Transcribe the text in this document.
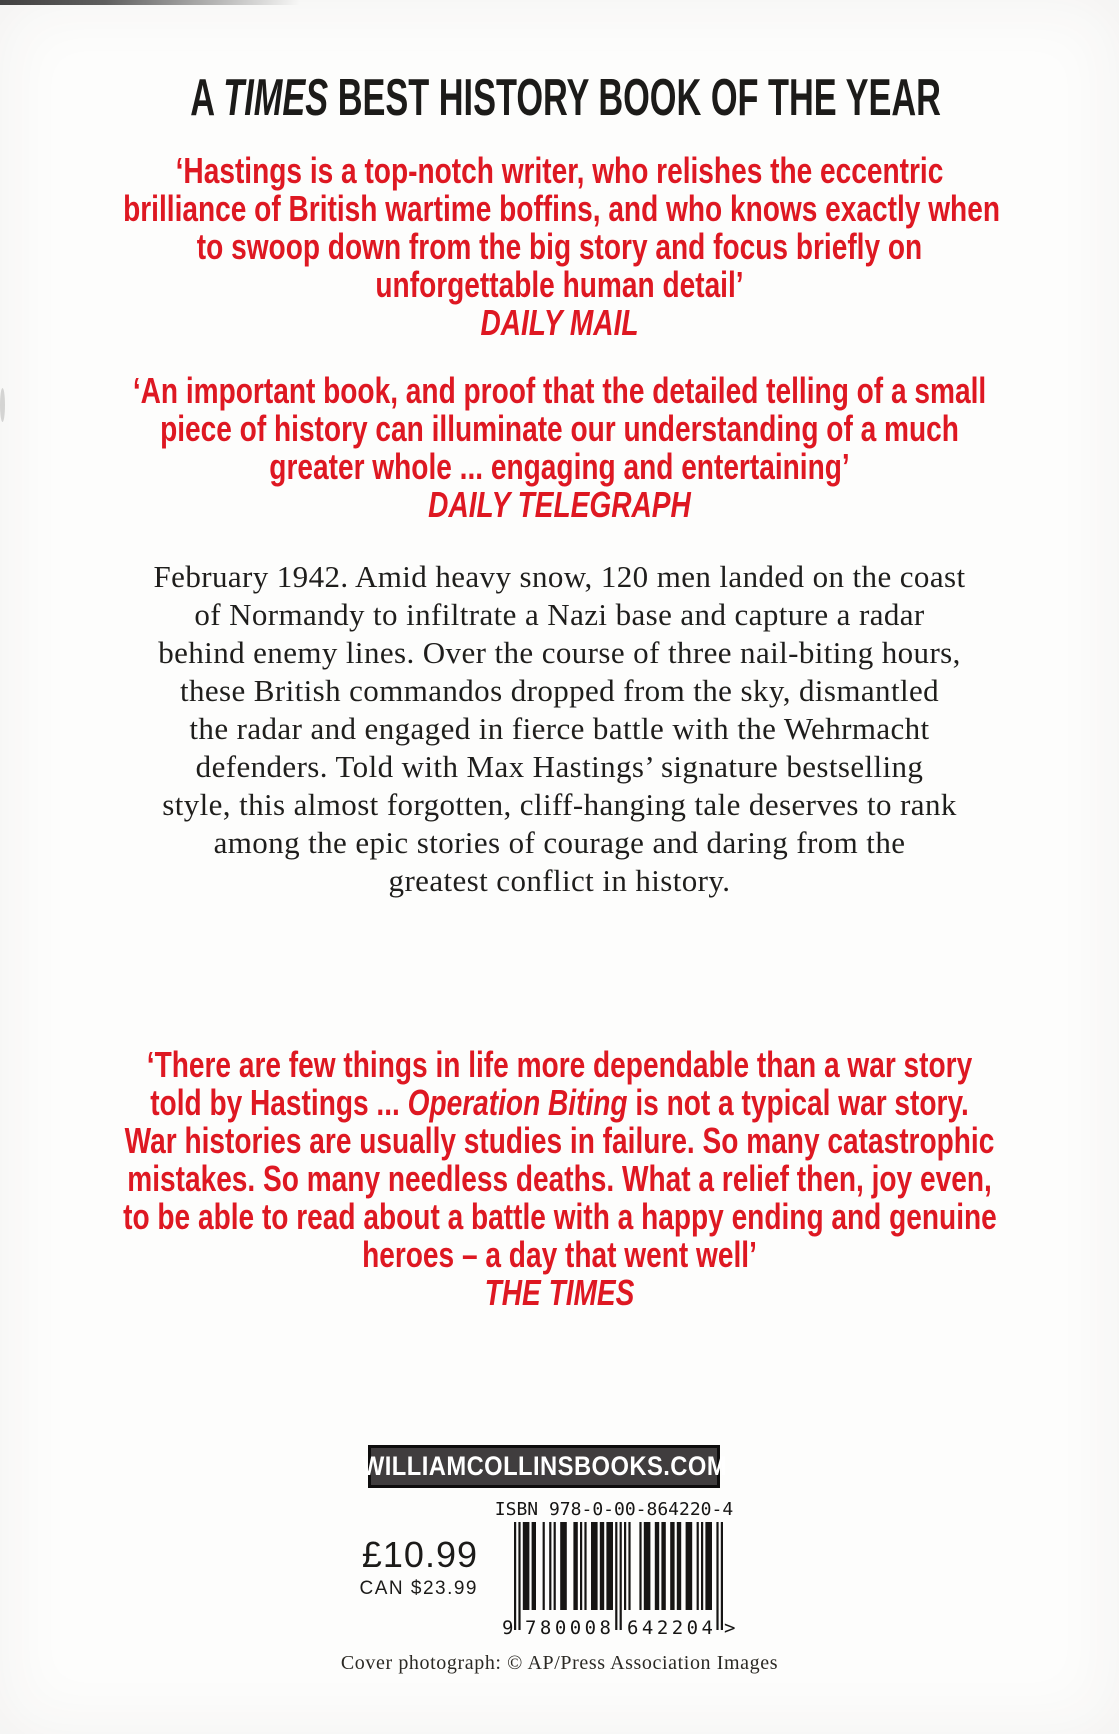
A TIMES BEST HISTORY BOOK OF THE YEAR
‘Hastings is a top-notch writer, who relishes the eccentric
brilliance of British wartime boffins, and who knows exactly when
to swoop down from the big story and focus briefly on
unforgettable human detail’
DAILY MAIL
‘An important book, and proof that the detailed telling of a small
piece of history can illuminate our understanding of a much
greater whole ... engaging and entertaining’
DAILY TELEGRAPH
February 1942. Amid heavy snow, 120 men landed on the coast
of Normandy to infiltrate a Nazi base and capture a radar
behind enemy lines. Over the course of three nail-biting hours,
these British commandos dropped from the sky, dismantled
the radar and engaged in fierce battle with the Wehrmacht
defenders. Told with Max Hastings’ signature bestselling
style, this almost forgotten, cliff-hanging tale deserves to rank
among the epic stories of courage and daring from the
greatest conflict in history.
‘There are few things in life more dependable than a war story
told by Hastings ... Operation Biting is not a typical war story.
War histories are usually studies in failure. So many catastrophic
mistakes. So many needless deaths. What a relief then, joy even,
to be able to read about a battle with a happy ending and genuine
heroes – a day that went well’
THE TIMES
WILLIAMCOLLINSBOOKS.COM
ISBN 978-0-00-864220-4
£10.99
CAN $23.99
9 780008 642204 >
Cover photograph: © AP/Press Association Images
